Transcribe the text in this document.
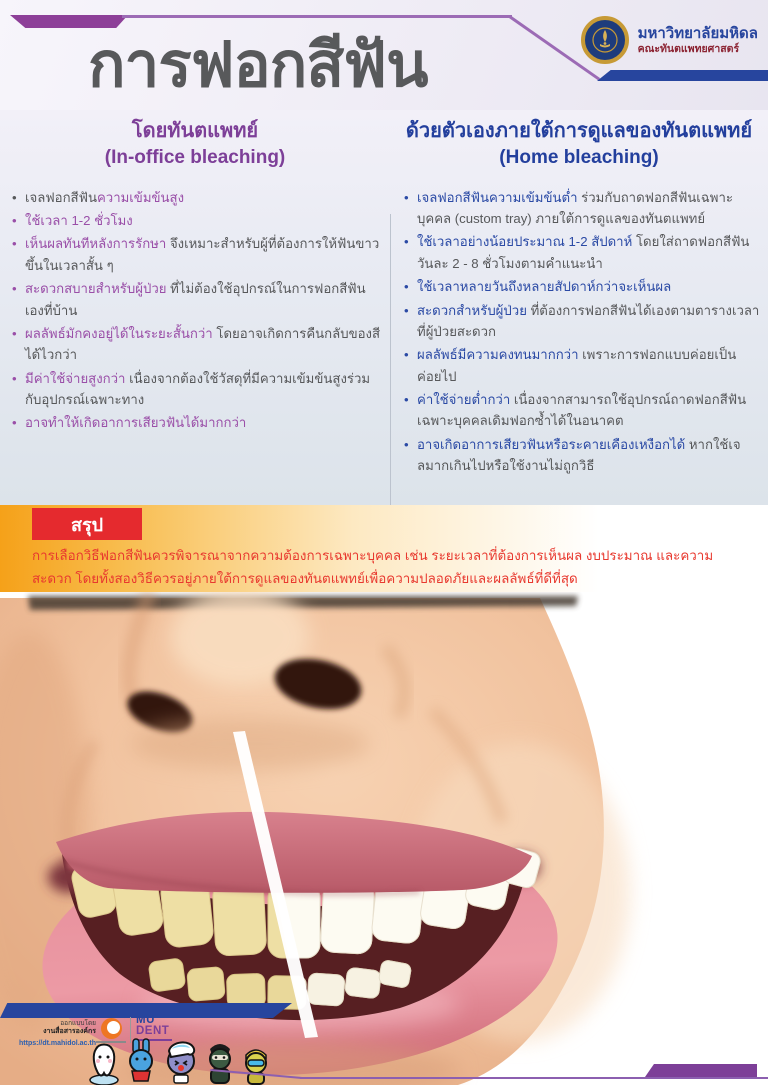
การฟอกสีฟัน	มหาวิทยาลัยมหิดล
คณะทันตแพทยศาสตร์
โดยทันตแพทย์
(In-office bleaching)
• เจลฟอกสีฟันความเข้มข้นสูง
• ใช้เวลา 1-2 ชั่วโมง
• เห็นผลทันทีหลังการรักษา จึงเหมาะสำหรับผู้ที่ต้องการให้ฟันขาวขึ้นในเวลาสั้น ๆ
• สะดวกสบายสำหรับผู้ป่วย ที่ไม่ต้องใช้อุปกรณ์ในการฟอกสีฟันเองที่บ้าน
• ผลลัพธ์มักคงอยู่ได้ในระยะสั้นกว่า โดยอาจเกิดการคืนกลับของสีได้ไวกว่า
• มีค่าใช้จ่ายสูงกว่า เนื่องจากต้องใช้วัสดุที่มีความเข้มข้นสูงร่วมกับอุปกรณ์เฉพาะทาง
• อาจทำให้เกิดอาการเสียวฟันได้มากกว่า
ด้วยตัวเองภายใต้การดูแลของทันตแพทย์
(Home bleaching)
• เจลฟอกสีฟันความเข้มข้นต่ำ ร่วมกับถาดฟอกสีฟันเฉพาะบุคคล (custom tray) ภายใต้การดูแลของทันตแพทย์
• ใช้เวลาอย่างน้อยประมาณ 1-2 สัปดาห์ โดยใส่ถาดฟอกสีฟันวันละ 2 - 8 ชั่วโมงตามคำแนะนำ
• ใช้เวลาหลายวันถึงหลายสัปดาห์กว่าจะเห็นผล
• สะดวกสำหรับผู้ป่วย ที่ต้องการฟอกสีฟันได้เองตามตารางเวลาที่ผู้ป่วยสะดวก
• ผลลัพธ์มีความคงทนมากกว่า เพราะการฟอกแบบค่อยเป็นค่อยไป
• ค่าใช้จ่ายต่ำกว่า เนื่องจากสามารถใช้อุปกรณ์ถาดฟอกสีฟันเฉพาะบุคคลเดิมฟอกซ้ำได้ในอนาคต
• อาจเกิดอาการเสียวฟันหรือระคายเคืองเหงือกได้ หากใช้เจลมากเกินไปหรือใช้งานไม่ถูกวิธี
สรุป
การเลือกวิธีฟอกสีฟันควรพิจารณาจากความต้องการเฉพาะบุคคล เช่น ระยะเวลาที่ต้องการเห็นผล งบประมาณ และความสะดวก โดยทั้งสองวิธีควรอยู่ภายใต้การดูแลของทันตแพทย์เพื่อความปลอดภัยและผลลัพธ์ที่ดีที่สุด
ออกแบบโดย
งานสื่อสารองค์กร
https://dt.mahidol.ac.th
MU
DENT
